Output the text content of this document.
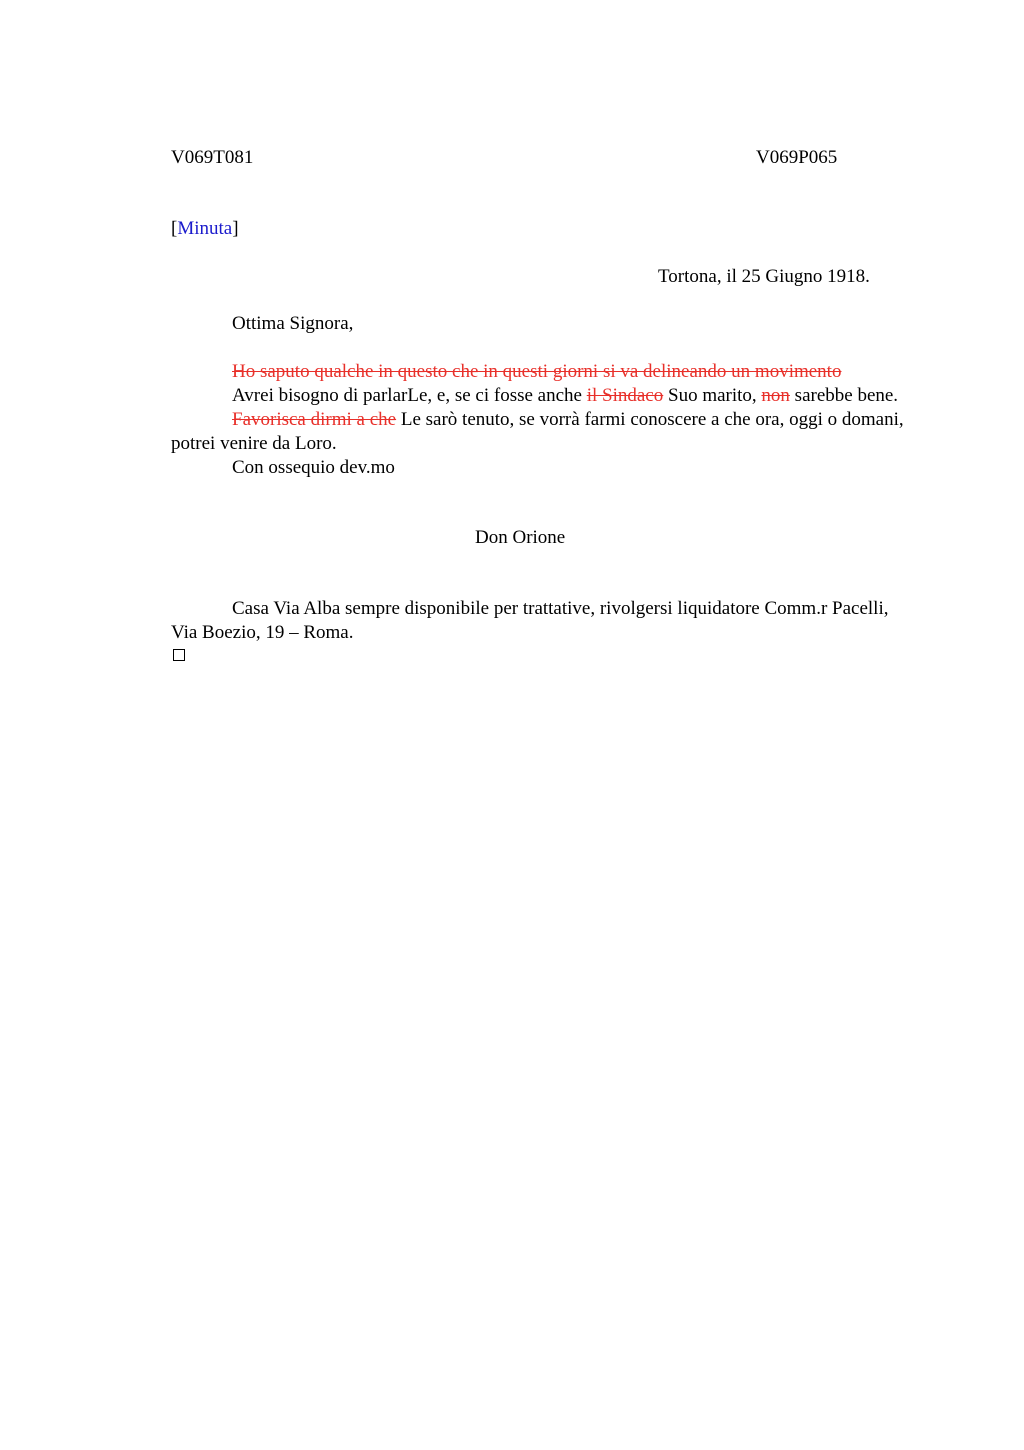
V069T081	V069P065
[Minuta]
Tortona, il 25 Giugno 1918.
Ottima Signora,

Ho saputo qualche in questo che in questi giorni si va delineando un movimento

Avrei bisogno di parlarLe, e, se ci fosse anche il Sindaco Suo marito, non sarebbe bene.

Favorisca dirmi a che Le sarò tenuto, se vorrà farmi conoscere a che ora, oggi o domani, potrei venire da Loro.

Con ossequio dev.mo

Don Orione

Casa Via Alba sempre disponibile per trattative, rivolgersi liquidatore Comm.r Pacelli, Via Boezio, 19 – Roma.
